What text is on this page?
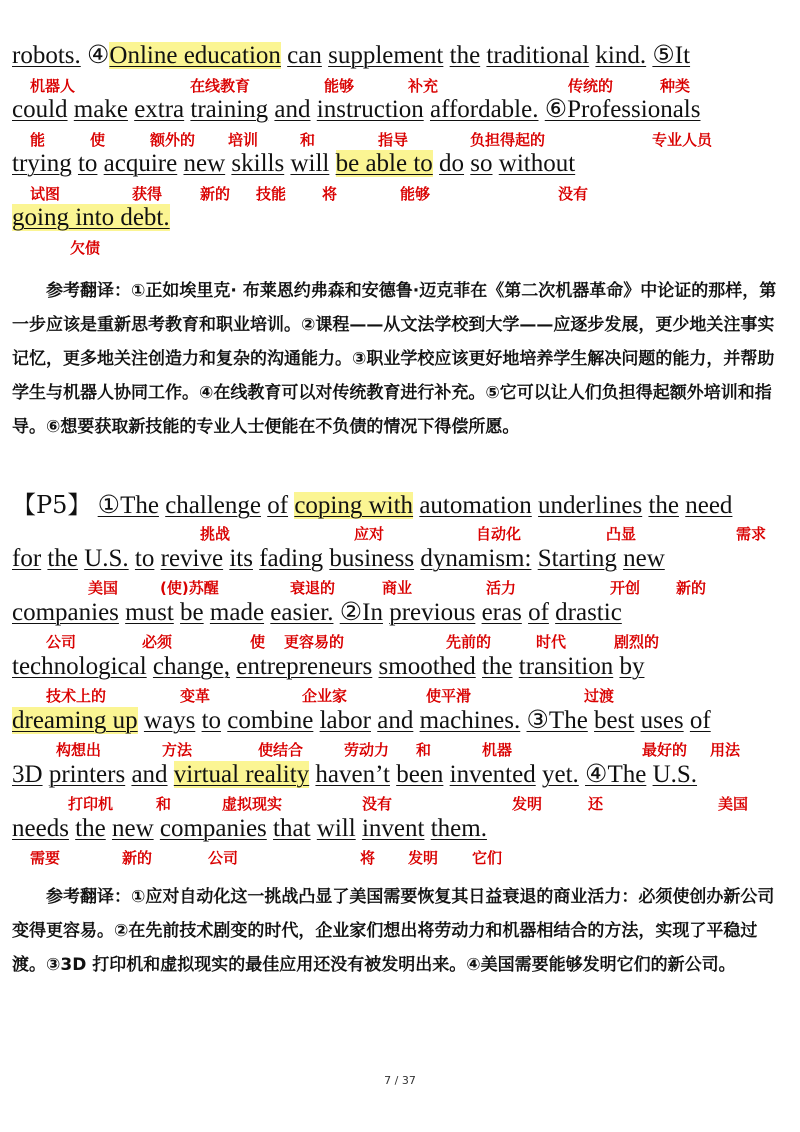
robots. ④Online education can supplement the traditional kind. ⑤It
机器人	在线教育	能够	补充	传统的	种类
could make extra training and instruction affordable. ⑥Professionals
能	使	额外的 培训	和	指导	负担得起的	专业人员
trying to acquire new skills will be able to do so without
试图	获得	新的 技能 将	能够	没有
going into debt.
欠债

参考翻译：①正如埃里克· 布莱恩约弗森和安德鲁·迈克菲在《第二次机器革命》中论证的那样，第一步应该是重新思考教育和职业培训。②课程——从文法学校到大学——应逐步发展，更少地关注事实记忆，更多地关注创造力和复杂的沟通能力。③职业学校应该更好地培养学生解决问题的能力，并帮助学生与机器人协同工作。④在线教育可以对传统教育进行补充。⑤它可以让人们负担得起额外培训和指导。⑥想要获取新技能的专业人士便能在不负债的情况下得偿所愿。

【P5】 ①The challenge of coping with automation underlines the need
挑战	应对	自动化	凸显	需求
for the U.S. to revive its fading business dynamism: Starting new
美国	(使)苏醒	衰退的	商业	活力	开创 新的
companies must be made easier. ②In previous eras of drastic
公司	必须	使 更容易的	先前的	时代	剧烈的
technological change, entrepreneurs smoothed the transition by
技术上的	变革	企业家	使平滑	过渡
dreaming up ways to combine labor and machines. ③The best uses of
构想出	方法	使结合	劳动力 和	机器	最好的 用法
3D printers and virtual reality haven’t been invented yet. ④The U.S.
打印机	和	虚拟现实	没有	发明	还	美国
needs the new companies that will invent them.
需要	新的	公司	将 发明 它们

参考翻译：①应对自动化这一挑战凸显了美国需要恢复其日益衰退的商业活力：必须使创办新公司变得更容易。②在先前技术剧变的时代，企业家们想出将劳动力和机器相结合的方法，实现了平稳过渡。③3D 打印机和虚拟现实的最佳应用还没有被发明出来。④美国需要能够发明它们的新公司。

7 / 37
